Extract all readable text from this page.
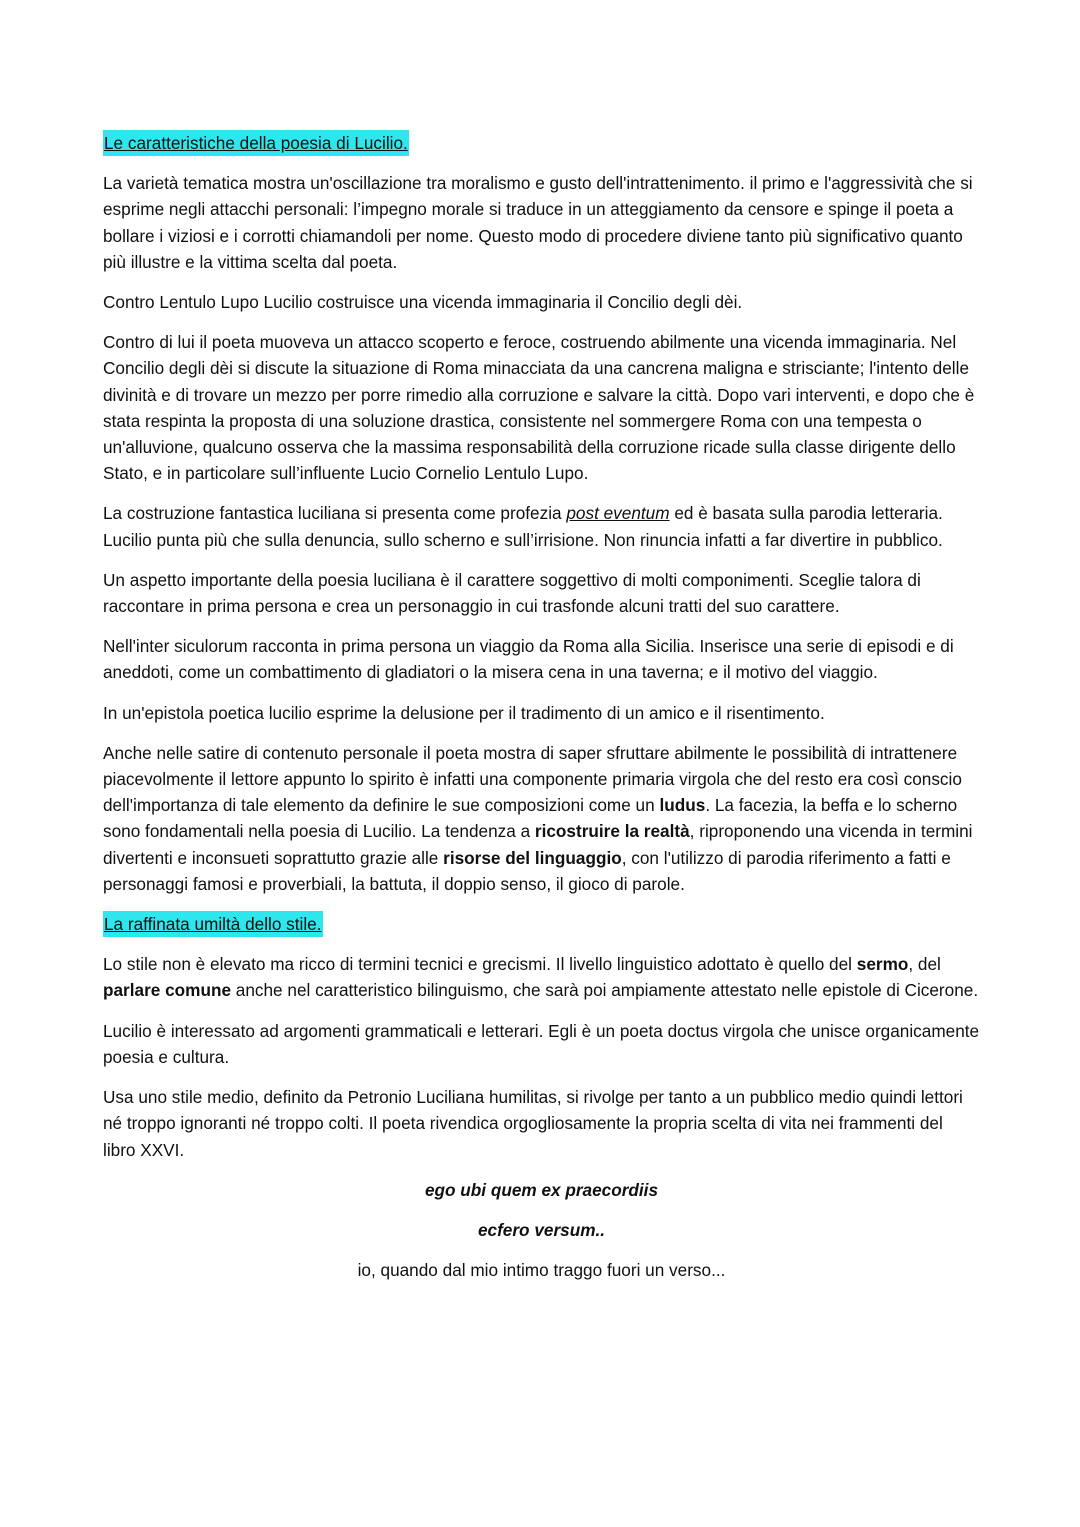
Le caratteristiche della poesia di Lucilio.

La varietà tematica mostra un'oscillazione tra moralismo e gusto dell'intrattenimento. il primo e l'aggressività che si esprime negli attacchi personali: l’impegno morale si traduce in un atteggiamento da censore e spinge il poeta a bollare i viziosi e i corrotti chiamandoli per nome. Questo modo di procedere diviene tanto più significativo quanto più illustre e la vittima scelta dal poeta.

Contro Lentulo Lupo Lucilio costruisce una vicenda immaginaria il Concilio degli dèi.

Contro di lui il poeta muoveva un attacco scoperto e feroce, costruendo abilmente una vicenda immaginaria. Nel Concilio degli dèi si discute la situazione di Roma minacciata da una cancrena maligna e strisciante; l'intento delle divinità e di trovare un mezzo per porre rimedio alla corruzione e salvare la città. Dopo vari interventi, e dopo che è stata respinta la proposta di una soluzione drastica, consistente nel sommergere Roma con una tempesta o un'alluvione, qualcuno osserva che la massima responsabilità della corruzione ricade sulla classe dirigente dello Stato, e in particolare sull’influente Lucio Cornelio Lentulo Lupo.

La costruzione fantastica luciliana si presenta come profezia post eventum ed è basata sulla parodia letteraria. Lucilio punta più che sulla denuncia, sullo scherno e sull’irrisione. Non rinuncia infatti a far divertire in pubblico.

Un aspetto importante della poesia luciliana è il carattere soggettivo di molti componimenti. Sceglie talora di raccontare in prima persona e crea un personaggio in cui trasfonde alcuni tratti del suo carattere.

Nell'inter siculorum racconta in prima persona un viaggio da Roma alla Sicilia. Inserisce una serie di episodi e di aneddoti, come un combattimento di gladiatori o la misera cena in una taverna; e il motivo del viaggio.

In un'epistola poetica lucilio esprime la delusione per il tradimento di un amico e il risentimento.

Anche nelle satire di contenuto personale il poeta mostra di saper sfruttare abilmente le possibilità di intrattenere piacevolmente il lettore appunto lo spirito è infatti una componente primaria virgola che del resto era così conscio dell'importanza di tale elemento da definire le sue composizioni come un ludus. La facezia, la beffa e lo scherno sono fondamentali nella poesia di Lucilio. La tendenza a ricostruire la realtà, riproponendo una vicenda in termini divertenti e inconsueti soprattutto grazie alle risorse del linguaggio, con l'utilizzo di parodia riferimento a fatti e personaggi famosi e proverbiali, la battuta, il doppio senso, il gioco di parole.

La raffinata umiltà dello stile.

Lo stile non è elevato ma ricco di termini tecnici e grecismi. Il livello linguistico adottato è quello del sermo, del parlare comune anche nel caratteristico bilinguismo, che sarà poi ampiamente attestato nelle epistole di Cicerone.

Lucilio è interessato ad argomenti grammaticali e letterari. Egli è un poeta doctus virgola che unisce organicamente poesia e cultura.

Usa uno stile medio, definito da Petronio Luciliana humilitas, si rivolge per tanto a un pubblico medio quindi lettori né troppo ignoranti né troppo colti. Il poeta rivendica orgogliosamente la propria scelta di vita nei frammenti del libro XXVI.

ego ubi quem ex praecordiis

ecfero versum..

io, quando dal mio intimo traggo fuori un verso...
